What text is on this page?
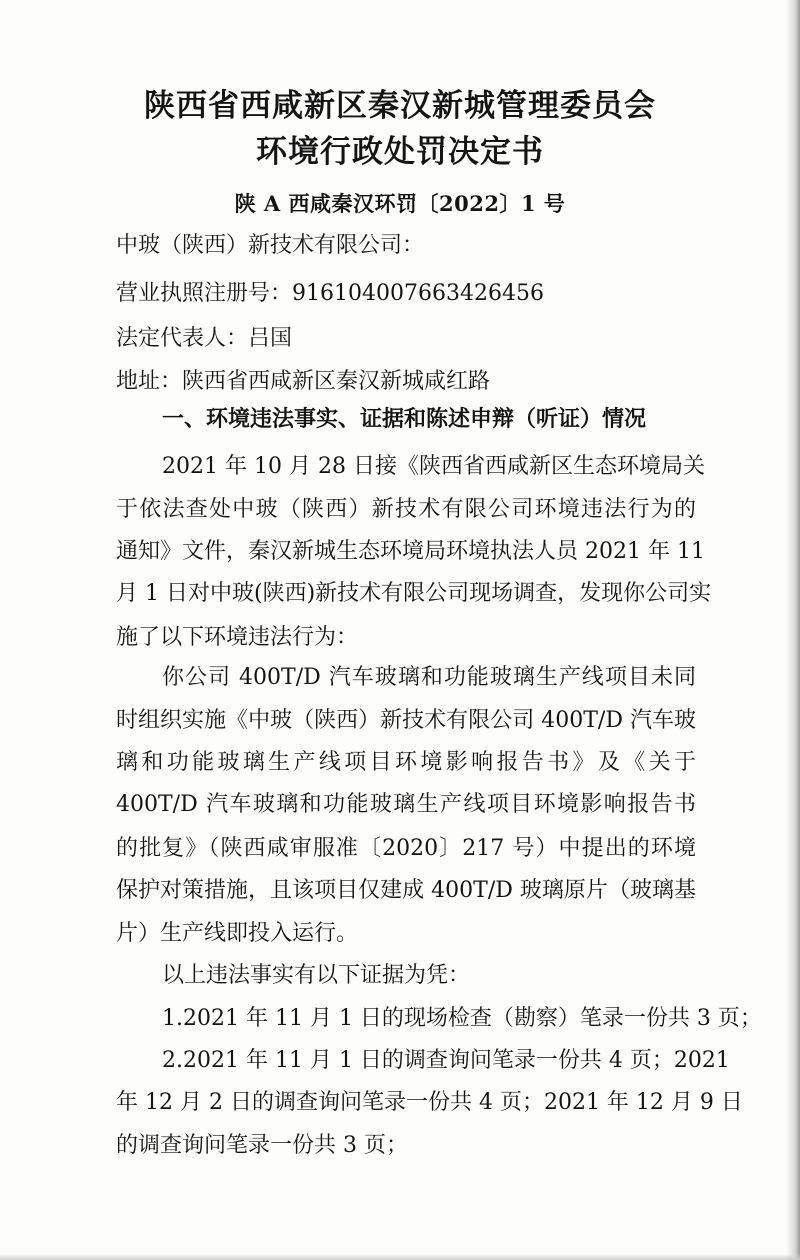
陕西省西咸新区秦汉新城管理委员会
环境行政处罚决定书
陕 A 西咸秦汉环罚〔2022〕1 号
中玻（陕西）新技术有限公司：
营业执照注册号：916104007663426456
法定代表人：吕国
地址：陕西省西咸新区秦汉新城咸红路
一、环境违法事实、证据和陈述申辩（听证）情况
2021 年 10 月 28 日接《陕西省西咸新区生态环境局关
于依法查处中玻（陕西）新技术有限公司环境违法行为的
通知》文件，秦汉新城生态环境局环境执法人员 2021 年 11
月 1 日对中玻(陕西)新技术有限公司现场调查，发现你公司实
施了以下环境违法行为：
你公司 400T/D 汽车玻璃和功能玻璃生产线项目未同
时组织实施《中玻（陕西）新技术有限公司 400T/D 汽车玻
璃和功能玻璃生产线项目环境影响报告书》及《关于
400T/D 汽车玻璃和功能玻璃生产线项目环境影响报告书
的批复》（陕西咸审服准〔2020〕217 号）中提出的环境
保护对策措施，且该项目仅建成 400T/D 玻璃原片（玻璃基
片）生产线即投入运行。
以上违法事实有以下证据为凭：
1.2021 年 11 月 1 日的现场检查（勘察）笔录一份共 3 页；
2.2021 年 11 月 1 日的调查询问笔录一份共 4 页；2021
年 12 月 2 日的调查询问笔录一份共 4 页；2021 年 12 月 9 日
的调查询问笔录一份共 3 页；
